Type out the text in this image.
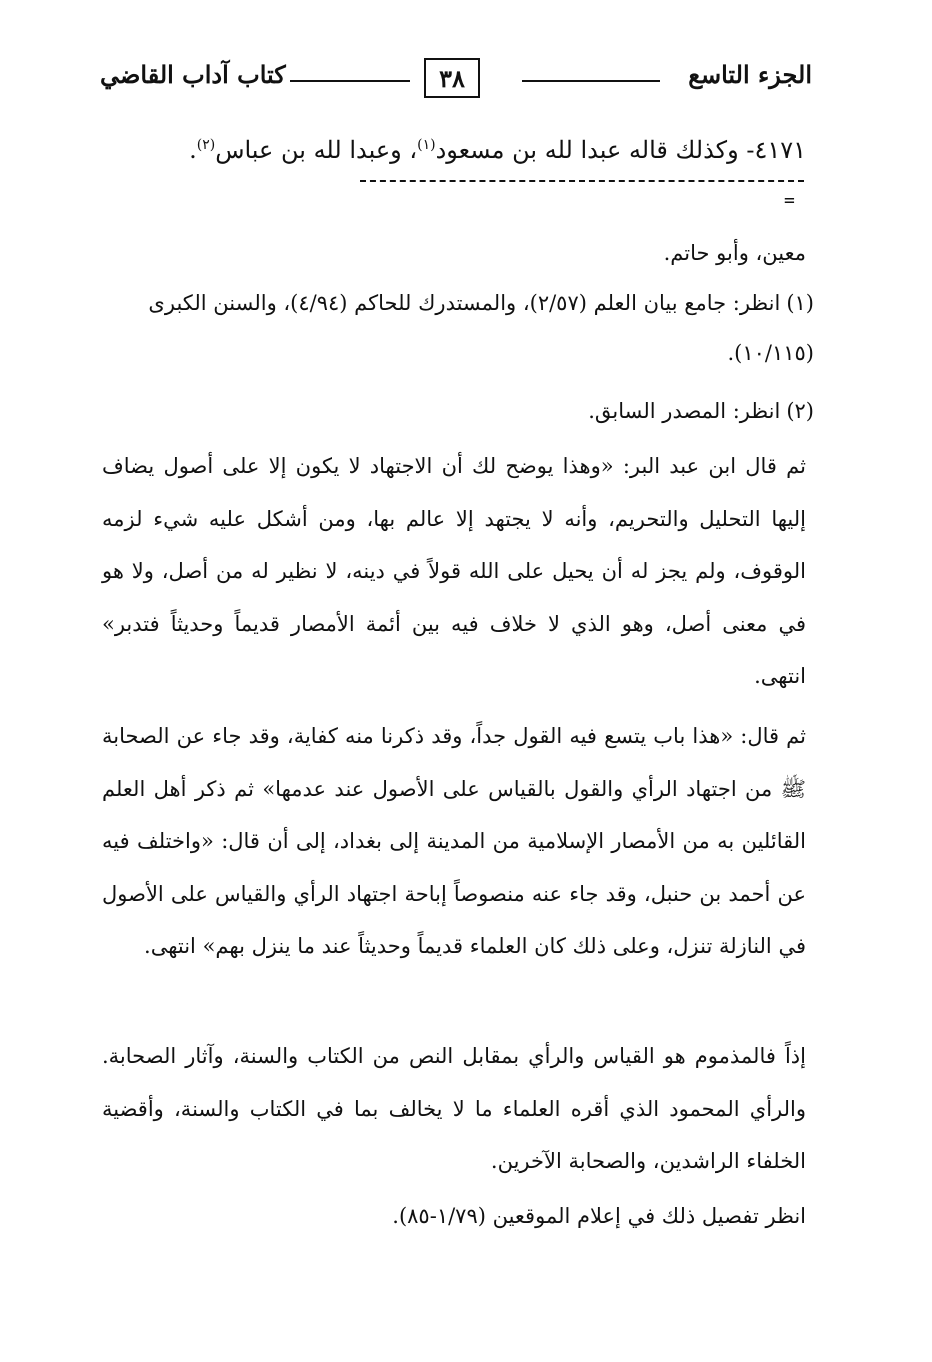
الجزء التاسع
٣٨
كتاب آداب القاضي
٤١٧١- وكذلك قاله عبدا لله بن مسعود$^{(١)}$، وعبدا لله بن عباس$^{(٢)}$.
=
معين، وأبو حاتم.
(١)انظر: جامع بيان العلم (٢/٥٧)، والمستدرك للحاكم (٤/٩٤)، والسنن الكبرى (١٠/١١٥).
(٢)انظر: المصدر السابق.
ثم قال ابن عبد البر: «وهذا يوضح لك أن الاجتهاد لا يكون إلا على أصول يضاف إليها التحليل والتحريم، وأنه لا يجتهد إلا عالم بها، ومن أشكل عليه شيء لزمه الوقوف، ولم يجز له أن يحيل على الله قولاً في دينه، لا نظير له من أصل، ولا هو في معنى أصل، وهو الذي لا خلاف فيه بين أئمة الأمصار قديماً وحديثاً فتدبر» انتهى.
ثم قال: «هذا باب يتسع فيه القول جداً، وقد ذكرنا منه كفاية، وقد جاء عن الصحابة ﷺ من اجتهاد الرأي والقول بالقياس على الأصول عند عدمها» ثم ذكر أهل العلم القائلين به من الأمصار الإسلامية من المدينة إلى بغداد، إلى أن قال: «واختلف فيه عن أحمد بن حنبل، وقد جاء عنه منصوصاً إباحة اجتهاد الرأي والقياس على الأصول في النازلة تنزل، وعلى ذلك كان العلماء قديماً وحديثاً عند ما ينزل بهم» انتهى.
إذاً فالمذموم هو القياس والرأي بمقابل النص من الكتاب والسنة، وآثار الصحابة. والرأي المحمود الذي أقره العلماء ما لا يخالف بما في الكتاب والسنة، وأقضية الخلفاء الراشدين، والصحابة الآخرين.
انظر تفصيل ذلك في إعلام الموقعين (١/٧٩-٨٥).
